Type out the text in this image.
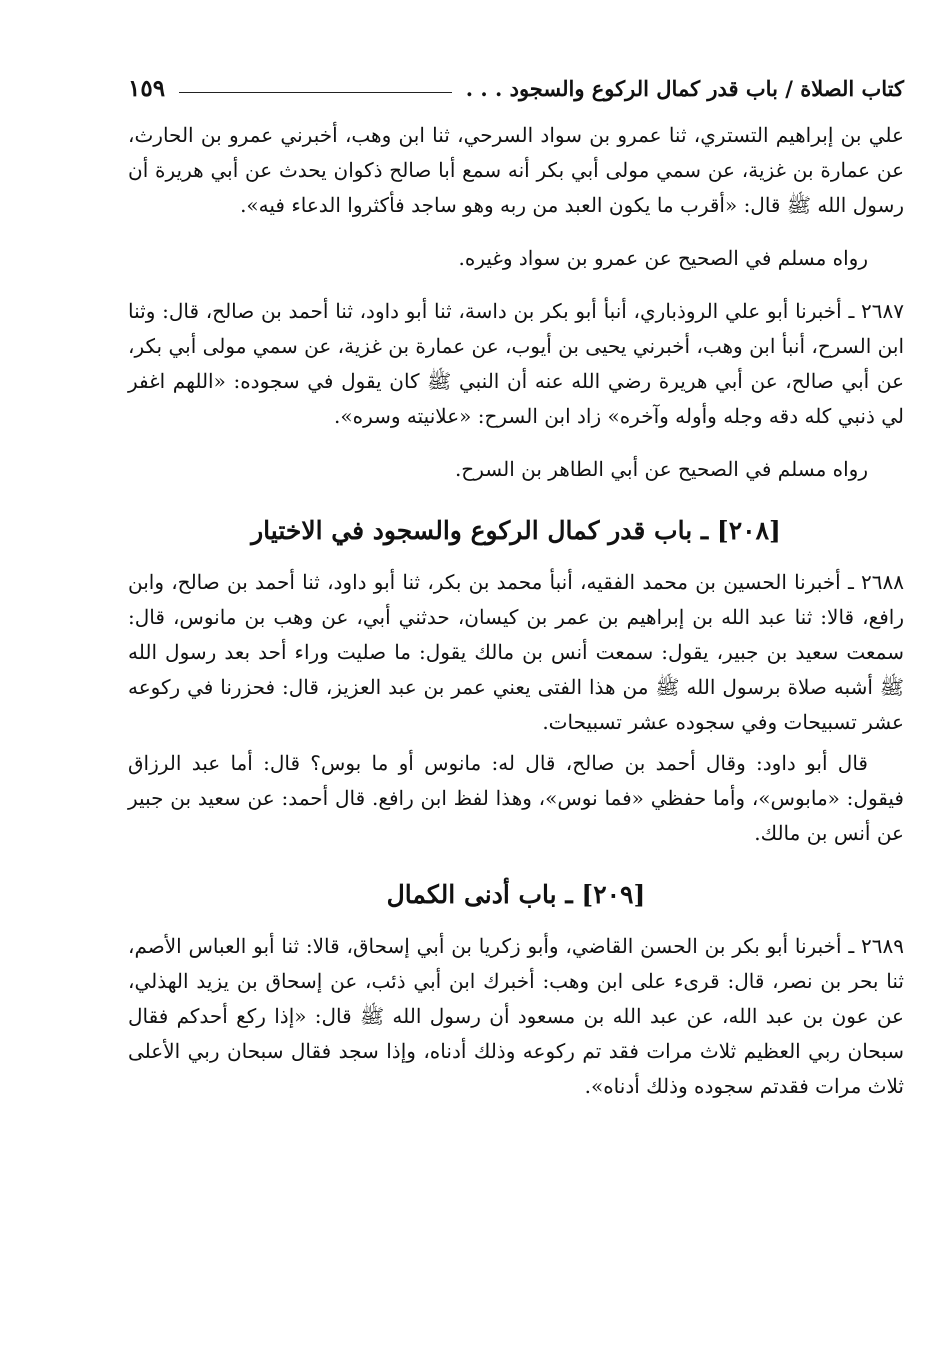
كتاب الصلاة / باب قدر كمال الركوع والسجود . . .
١٥٩

علي بن إبراهيم التستري، ثنا عمرو بن سواد السرحي، ثنا ابن وهب، أخبرني عمرو بن الحارث، عن عمارة بن غزية، عن سمي مولى أبي بكر أنه سمع أبا صالح ذكوان يحدث عن أبي هريرة أن رسول الله ﷺ قال: «أقرب ما يكون العبد من ربه وهو ساجد فأكثروا الدعاء فيه».

رواه مسلم في الصحيح عن عمرو بن سواد وغيره.

٢٦٨٧ ـ أخبرنا أبو علي الروذباري، أنبأ أبو بكر بن داسة، ثنا أبو داود، ثنا أحمد بن صالح، قال: وثنا ابن السرح، أنبأ ابن وهب، أخبرني يحيى بن أيوب، عن عمارة بن غزية، عن سمي مولى أبي بكر، عن أبي صالح، عن أبي هريرة رضي الله عنه أن النبي ﷺ كان يقول في سجوده: «اللهم اغفر لي ذنبي كله دقه وجله وأوله وآخره» زاد ابن السرح: «علانيته وسره».

رواه مسلم في الصحيح عن أبي الطاهر بن السرح.

[٢٠٨] ـ باب قدر كمال الركوع والسجود في الاختيار

٢٦٨٨ ـ أخبرنا الحسين بن محمد الفقيه، أنبأ محمد بن بكر، ثنا أبو داود، ثنا أحمد بن صالح، وابن رافع، قالا: ثنا عبد الله بن إبراهيم بن عمر بن كيسان، حدثني أبي، عن وهب بن مانوس، قال: سمعت سعيد بن جبير، يقول: سمعت أنس بن مالك يقول: ما صليت وراء أحد بعد رسول الله ﷺ أشبه صلاة برسول الله ﷺ من هذا الفتى يعني عمر بن عبد العزيز، قال: فحزرنا في ركوعه عشر تسبيحات وفي سجوده عشر تسبيحات.

قال أبو داود: وقال أحمد بن صالح، قال له: مانوس أو ما بوس؟ قال: أما عبد الرزاق فيقول: «مابوس»، وأما حفظي «فما نوس»، وهذا لفظ ابن رافع. قال أحمد: عن سعيد بن جبير عن أنس بن مالك.

[٢٠٩] ـ باب أدنى الكمال

٢٦٨٩ ـ أخبرنا أبو بكر بن الحسن القاضي، وأبو زكريا بن أبي إسحاق، قالا: ثنا أبو العباس الأصم، ثنا بحر بن نصر، قال: قرىء على ابن وهب: أخبرك ابن أبي ذئب، عن إسحاق بن يزيد الهذلي، عن عون بن عبد الله، عن عبد الله بن مسعود أن رسول الله ﷺ قال: «إذا ركع أحدكم فقال سبحان ربي العظيم ثلاث مرات فقد تم ركوعه وذلك أدناه، وإذا سجد فقال سبحان ربي الأعلى ثلاث مرات فقدتم سجوده وذلك أدناه».
